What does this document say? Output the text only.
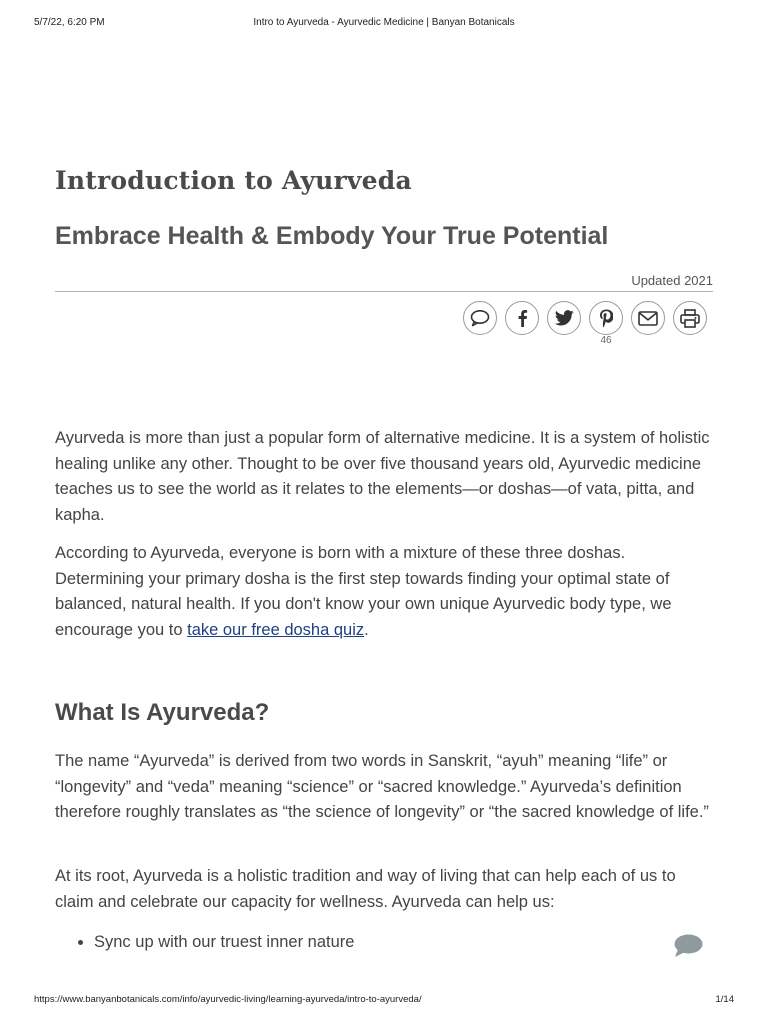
5/7/22, 6:20 PM	Intro to Ayurveda - Ayurvedic Medicine | Banyan Botanicals
Introduction to Ayurveda
Embrace Health & Embody Your True Potential
Updated 2021
46

Ayurveda is more than just a popular form of alternative medicine. It is a system of holistic healing unlike any other. Thought to be over five thousand years old, Ayurvedic medicine teaches us to see the world as it relates to the elements—or doshas—of vata, pitta, and kapha.

According to Ayurveda, everyone is born with a mixture of these three doshas. Determining your primary dosha is the first step towards finding your optimal state of balanced, natural health. If you don't know your own unique Ayurvedic body type, we encourage you to take our free dosha quiz.

What Is Ayurveda?

The name “Ayurveda” is derived from two words in Sanskrit, “ayuh” meaning “life” or “longevity” and “veda” meaning “science” or “sacred knowledge.” Ayurveda’s definition therefore roughly translates as “the science of longevity” or “the sacred knowledge of life.”

At its root, Ayurveda is a holistic tradition and way of living that can help each of us to claim and celebrate our capacity for wellness. Ayurveda can help us:

Sync up with our truest inner nature
https://www.banyanbotanicals.com/info/ayurvedic-living/learning-ayurveda/intro-to-ayurveda/	1/14
